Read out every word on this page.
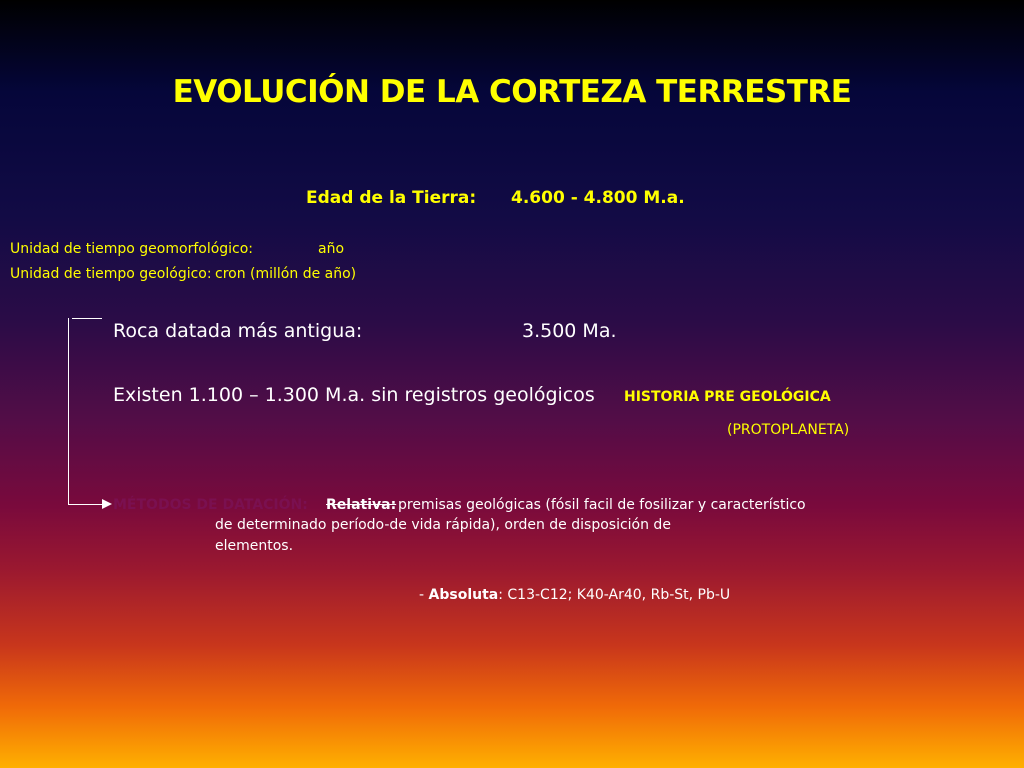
EVOLUCIÓN DE LA CORTEZA TERRESTRE
Edad de la Tierra: 4.600 - 4.800 M.a.
Unidad de tiempo geomorfológico:	año
Unidad de tiempo geológico: cron (millón de año)
Roca datada más antigua:	3.500 Ma.
Existen 1.100 – 1.300 M.a. sin registros geológicos HISTORIA PRE GEOLÓGICA
(PROTOPLANETA)
MÉTODOS DE DATACIÓN: Relativa: premisas geológicas (fósil facil de fosilizar y característico
de determinado período-de vida rápida), orden de disposición de
elementos.
- Absoluta: C13-C12; K40-Ar40, Rb-St, Pb-U
